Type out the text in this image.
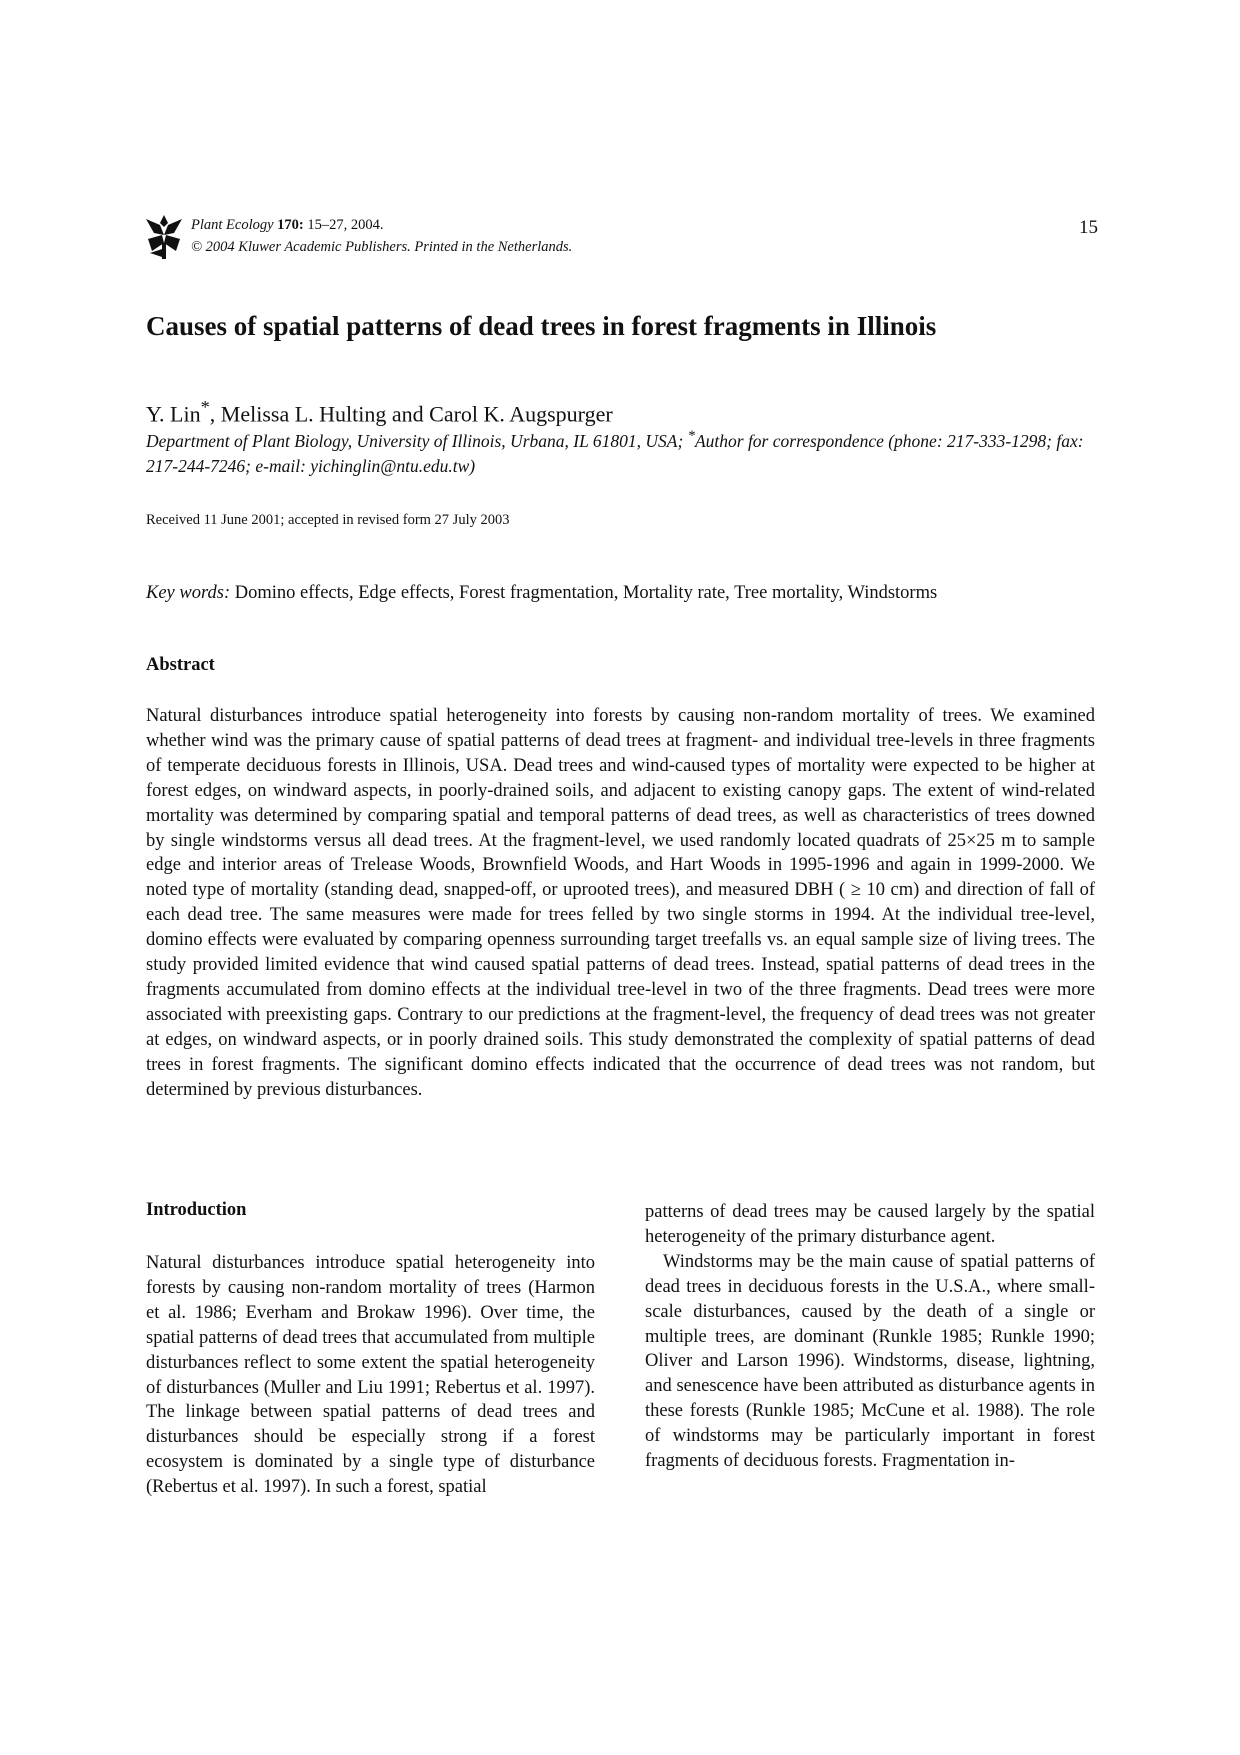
Plant Ecology 170: 15–27, 2004.
© 2004 Kluwer Academic Publishers. Printed in the Netherlands.
15
Causes of spatial patterns of dead trees in forest fragments in Illinois
Y. Lin*, Melissa L. Hulting and Carol K. Augspurger
Department of Plant Biology, University of Illinois, Urbana, IL 61801, USA; *Author for correspondence (phone: 217-333-1298; fax: 217-244-7246; e-mail: yichinglin@ntu.edu.tw)
Received 11 June 2001; accepted in revised form 27 July 2003
Key words: Domino effects, Edge effects, Forest fragmentation, Mortality rate, Tree mortality, Windstorms
Abstract
Natural disturbances introduce spatial heterogeneity into forests by causing non-random mortality of trees. We examined whether wind was the primary cause of spatial patterns of dead trees at fragment- and individual tree-levels in three fragments of temperate deciduous forests in Illinois, USA. Dead trees and wind-caused types of mortality were expected to be higher at forest edges, on windward aspects, in poorly-drained soils, and adjacent to existing canopy gaps. The extent of wind-related mortality was determined by comparing spatial and temporal patterns of dead trees, as well as characteristics of trees downed by single windstorms versus all dead trees. At the fragment-level, we used randomly located quadrats of 25×25 m to sample edge and interior areas of Trelease Woods, Brownfield Woods, and Hart Woods in 1995-1996 and again in 1999-2000. We noted type of mortality (standing dead, snapped-off, or uprooted trees), and measured DBH ( ≥ 10 cm) and direction of fall of each dead tree. The same measures were made for trees felled by two single storms in 1994. At the individual tree-level, domino effects were evaluated by comparing openness surrounding target treefalls vs. an equal sample size of living trees. The study provided limited evidence that wind caused spatial patterns of dead trees. Instead, spatial patterns of dead trees in the fragments accumulated from domino effects at the individual tree-level in two of the three fragments. Dead trees were more associated with preexisting gaps. Contrary to our predictions at the fragment-level, the frequency of dead trees was not greater at edges, on windward aspects, or in poorly drained soils. This study demonstrated the complexity of spatial patterns of dead trees in forest fragments. The significant domino effects indicated that the occurrence of dead trees was not random, but determined by previous disturbances.
Introduction
Natural disturbances introduce spatial heterogeneity into forests by causing non-random mortality of trees (Harmon et al. 1986; Everham and Brokaw 1996). Over time, the spatial patterns of dead trees that accumulated from multiple disturbances reflect to some extent the spatial heterogeneity of disturbances (Muller and Liu 1991; Rebertus et al. 1997). The linkage between spatial patterns of dead trees and disturbances should be especially strong if a forest ecosystem is dominated by a single type of disturbance (Rebertus et al. 1997). In such a forest, spatial

patterns of dead trees may be caused largely by the spatial heterogeneity of the primary disturbance agent.

Windstorms may be the main cause of spatial patterns of dead trees in deciduous forests in the U.S.A., where small-scale disturbances, caused by the death of a single or multiple trees, are dominant (Runkle 1985; Runkle 1990; Oliver and Larson 1996). Windstorms, disease, lightning, and senescence have been attributed as disturbance agents in these forests (Runkle 1985; McCune et al. 1988). The role of windstorms may be particularly important in forest fragments of deciduous forests. Fragmentation in-
